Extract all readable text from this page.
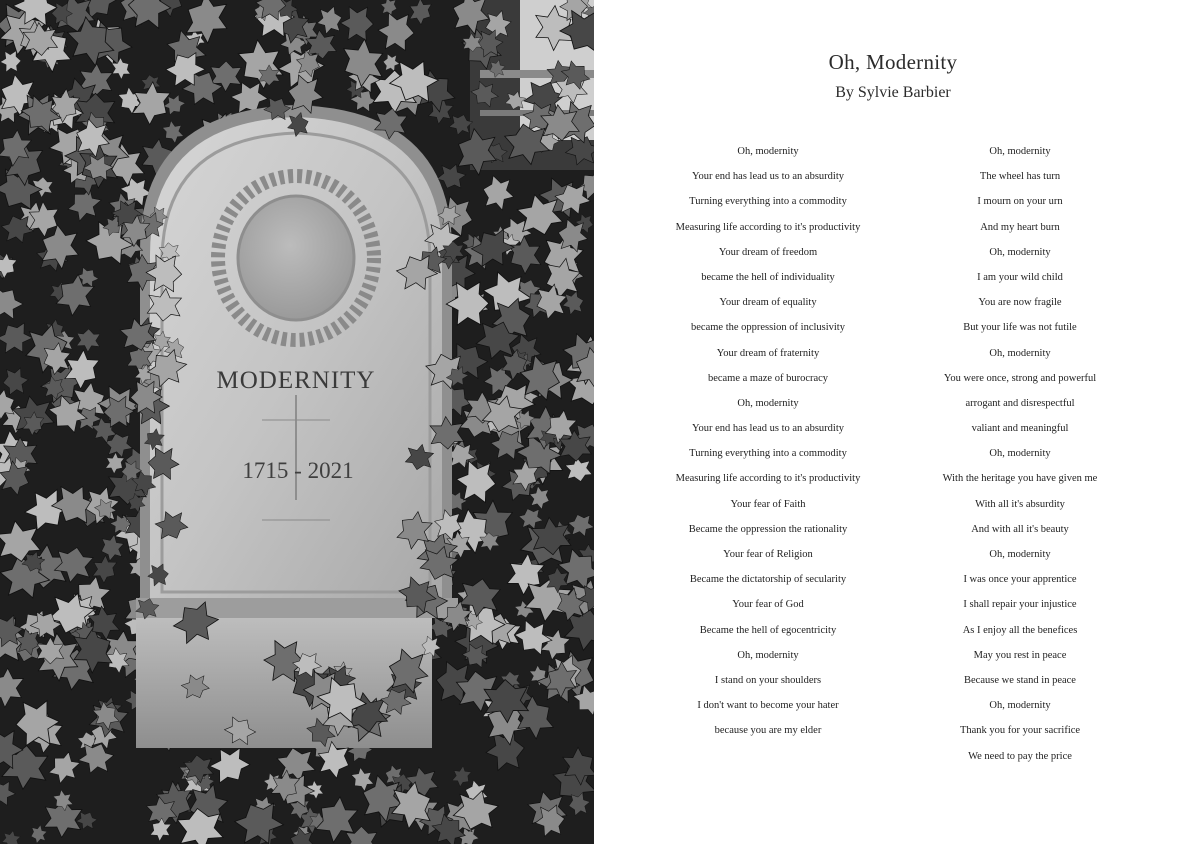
MODERNITY
1715 - 2021
Oh, Modernity
By Sylvie Barbier
Oh, modernity
Your end has lead us to an absurdity
Turning everything into a commodity
Measuring life according to it's productivity
Your dream of freedom
became the hell of individuality
Your dream of equality
became the oppression of inclusivity
Your dream of fraternity
became a maze of burocracy
Oh, modernity
Your end has lead us to an absurdity
Turning everything into a commodity
Measuring life according to it's productivity
Your fear of Faith
Became the oppression the rationality
Your fear of Religion
Became the dictatorship of secularity
Your fear of God
Became the hell of egocentricity
Oh, modernity
I stand on your shoulders
I don't want to become your hater
because you are my elder
Oh, modernity
The wheel has turn
I mourn on your urn
And my heart burn
Oh, modernity
I am your wild child
You are now fragile
But your life was not futile
Oh, modernity
You were once, strong and powerful
arrogant and disrespectful
valiant and meaningful
Oh, modernity
With the heritage you have given me
With all it's absurdity
And with all it's beauty
Oh, modernity
I was once your apprentice
I shall repair your injustice
As I enjoy all the benefices
May you rest in peace
Because we stand in peace
Oh, modernity
Thank you for your sacrifice
We need to pay the price
